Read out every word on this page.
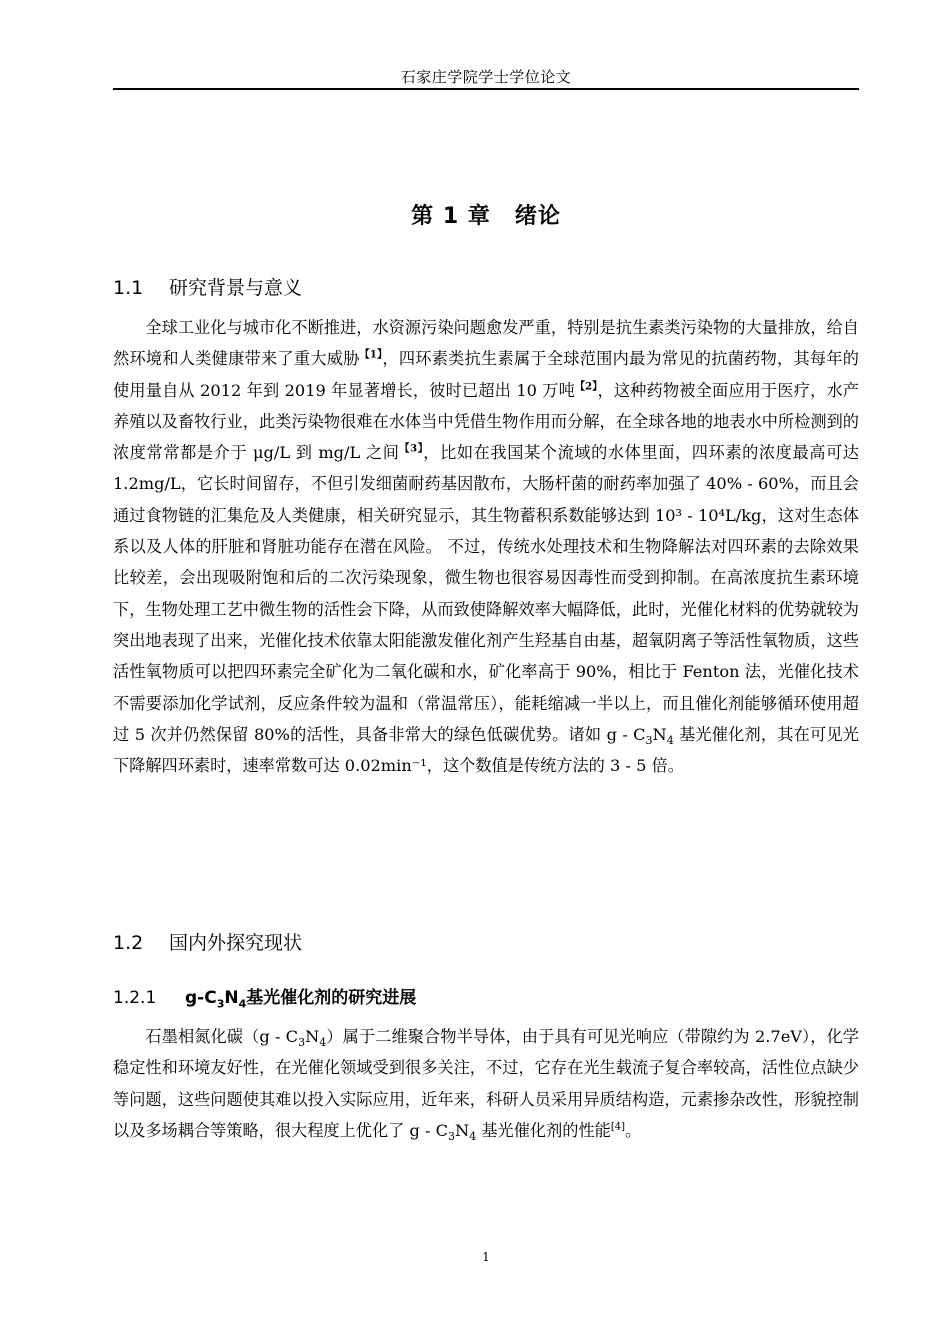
石家庄学院学士学位论文
第 1 章 绪论
1.1 研究背景与意义

全球工业化与城市化不断推进，水资源污染问题愈发严重，特别是抗生素类污染物的大量排放，给自然环境和人类健康带来了重大威胁$^{【1】}$，四环素类抗生素属于全球范围内最为常见的抗菌药物，其每年的使用量自从 2012 年到 2019 年显著增长，彼时已超出 10 万吨$^{【2】}$，这种药物被全面应用于医疗，水产养殖以及畜牧行业，此类污染物很难在水体当中凭借生物作用而分解，在全球各地的地表水中所检测到的浓度常常都是介于 μg/L 到 mg/L 之间$^{【3】}$，比如在我国某个流域的水体里面，四环素的浓度最高可达 1.2mg/L，它长时间留存，不但引发细菌耐药基因散布，大肠杆菌的耐药率加强了 40% - 60%，而且会通过食物链的汇集危及人类健康，相关研究显示，其生物蓄积系数能够达到 10³ - 10⁴L/kg，这对生态体系以及人体的肝脏和肾脏功能存在潜在风险。 不过，传统水处理技术和生物降解法对四环素的去除效果比较差，会出现吸附饱和后的二次污染现象，微生物也很容易因毒性而受到抑制。在高浓度抗生素环境下，生物处理工艺中微生物的活性会下降，从而致使降解效率大幅降低，此时，光催化材料的优势就较为突出地表现了出来，光催化技术依靠太阳能激发催化剂产生羟基自由基，超氧阴离子等活性氧物质，这些活性氧物质可以把四环素完全矿化为二氧化碳和水，矿化率高于 90%，相比于 Fenton 法，光催化技术不需要添加化学试剂，反应条件较为温和（常温常压），能耗缩减一半以上，而且催化剂能够循环使用超过 5 次并仍然保留 80%的活性，具备非常大的绿色低碳优势。诸如 g - $C_3N_4$ 基光催化剂，其在可见光下降解四环素时，速率常数可达 0.02min⁻¹，这个数值是传统方法的 3 - 5 倍。

1.2 国内外探究现状
1.2.1 $g-C_3N_4$基光催化剂的研究进展

石墨相氮化碳$(g - C_3N_4)$属于二维聚合物半导体，由于具有可见光响应（带隙约为 2.7eV），化学稳定性和环境友好性，在光催化领域受到很多关注，不过，它存在光生载流子复合率较高，活性位点缺少等问题，这些问题使其难以投入实际应用，近年来，科研人员采用异质结构造，元素掺杂改性，形貌控制以及多场耦合等策略，很大程度上优化了 g - $C_3N_4$ 基光催化剂的性能[4]。

1
